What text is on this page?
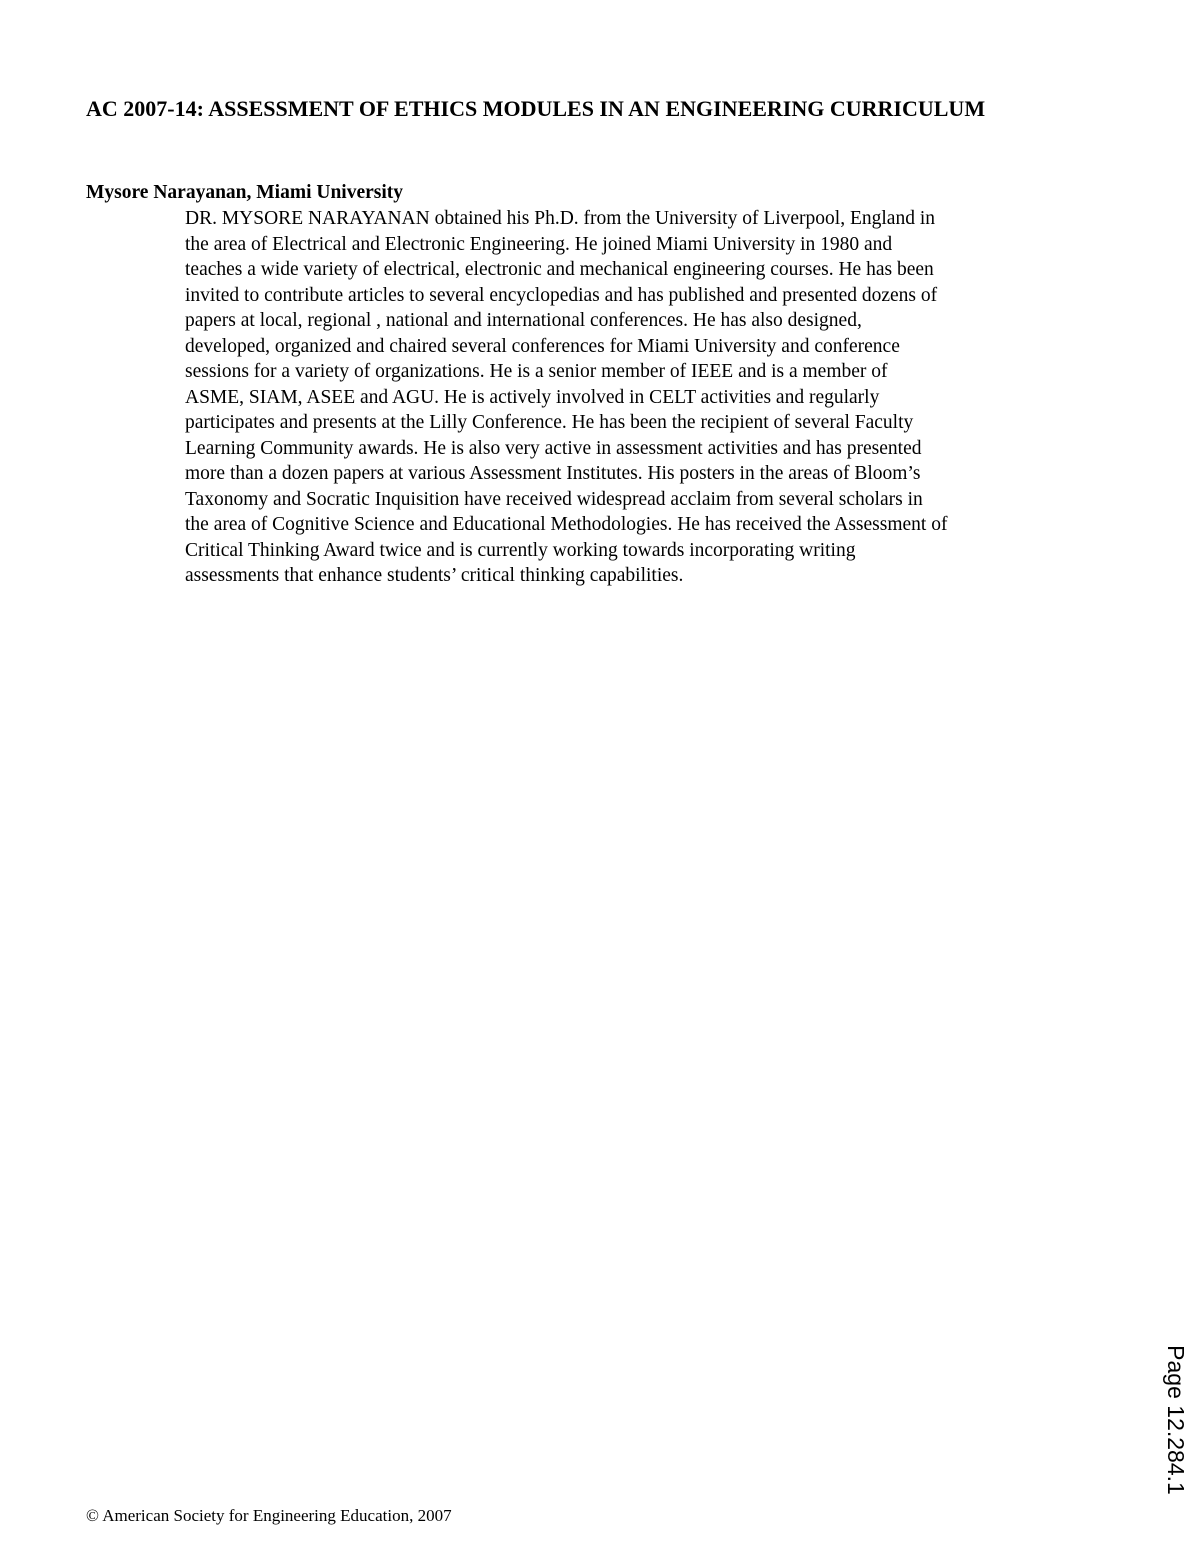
AC 2007-14: ASSESSMENT OF ETHICS MODULES IN AN ENGINEERING CURRICULUM

Mysore Narayanan, Miami University

DR. MYSORE NARAYANAN obtained his Ph.D. from the University of Liverpool, England in
the area of Electrical and Electronic Engineering. He joined Miami University in 1980 and
teaches a wide variety of electrical, electronic and mechanical engineering courses. He has been
invited to contribute articles to several encyclopedias and has published and presented dozens of
papers at local, regional , national and international conferences. He has also designed,
developed, organized and chaired several conferences for Miami University and conference
sessions for a variety of organizations. He is a senior member of IEEE and is a member of
ASME, SIAM, ASEE and AGU. He is actively involved in CELT activities and regularly
participates and presents at the Lilly Conference. He has been the recipient of several Faculty
Learning Community awards. He is also very active in assessment activities and has presented
more than a dozen papers at various Assessment Institutes. His posters in the areas of Bloom’s
Taxonomy and Socratic Inquisition have received widespread acclaim from several scholars in
the area of Cognitive Science and Educational Methodologies. He has received the Assessment of
Critical Thinking Award twice and is currently working towards incorporating writing
assessments that enhance students’ critical thinking capabilities.

© American Society for Engineering Education, 2007

Page 12.284.1
